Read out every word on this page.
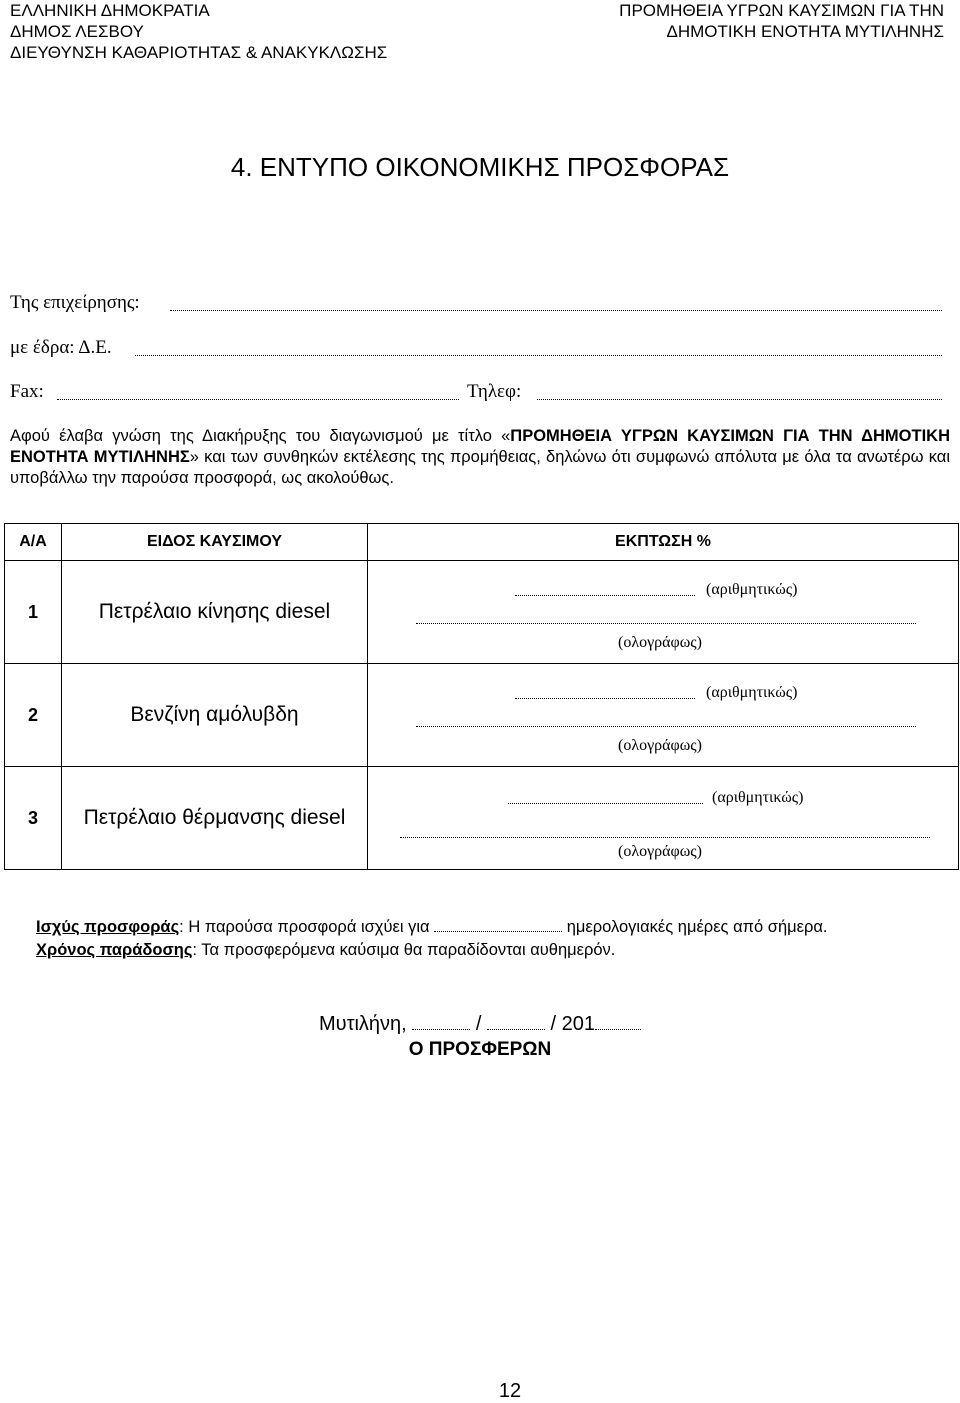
ΕΛΛΗΝΙΚΗ ΔΗΜΟΚΡΑΤΙΑ
ΔΗΜΟΣ ΛΕΣΒΟΥ
ΔΙΕΥΘΥΝΣΗ ΚΑΘΑΡΙΟΤΗΤΑΣ & ΑΝΑΚΥΚΛΩΣΗΣ
ΠΡΟΜΗΘΕΙΑ ΥΓΡΩΝ ΚΑΥΣΙΜΩΝ ΓΙΑ ΤΗΝ
ΔΗΜΟΤΙΚΗ ΕΝΟΤΗΤΑ ΜΥΤΙΛΗΝΗΣ
4. ΕΝΤΥΠΟ ΟΙΚΟΝΟΜΙΚΗΣ ΠΡΟΣΦΟΡΑΣ
Της επιχείρησης:
με έδρα: Δ.Ε.
Fax:	Τηλεφ:
Αφού έλαβα γνώση της Διακήρυξης του διαγωνισμού με τίτλο «ΠΡΟΜΗΘΕΙΑ ΥΓΡΩΝ ΚΑΥΣΙΜΩΝ ΓΙΑ ΤΗΝ ΔΗΜΟΤΙΚΗ ΕΝΟΤΗΤΑ ΜΥΤΙΛΗΝΗΣ» και των συνθηκών εκτέλεσης της προμήθειας, δηλώνω ότι συμφωνώ απόλυτα με όλα τα ανωτέρω και υποβάλλω την παρούσα προσφορά, ως ακολούθως.
Α/Α	ΕΙΔΟΣ ΚΑΥΣΙΜΟΥ	ΕΚΠΤΩΣΗ %
1	Πετρέλαιο κίνησης diesel	(αριθμητικώς)
(ολογράφως)

2	Βενζίνη αμόλυβδη	(αριθμητικώς)
(ολογράφως)

3	Πετρέλαιο θέρμανσης diesel	(αριθμητικώς)
(ολογράφως)
Ισχύς προσφοράς: Η παρούσα προσφορά ισχύει για	ημερολογιακές ημέρες από σήμερα.
Χρόνος παράδοσης: Τα προσφερόμενα καύσιμα θα παραδίδονται αυθημερόν.
Μυτιλήνη,	/	/ 201
Ο ΠΡΟΣΦΕΡΩΝ
12
